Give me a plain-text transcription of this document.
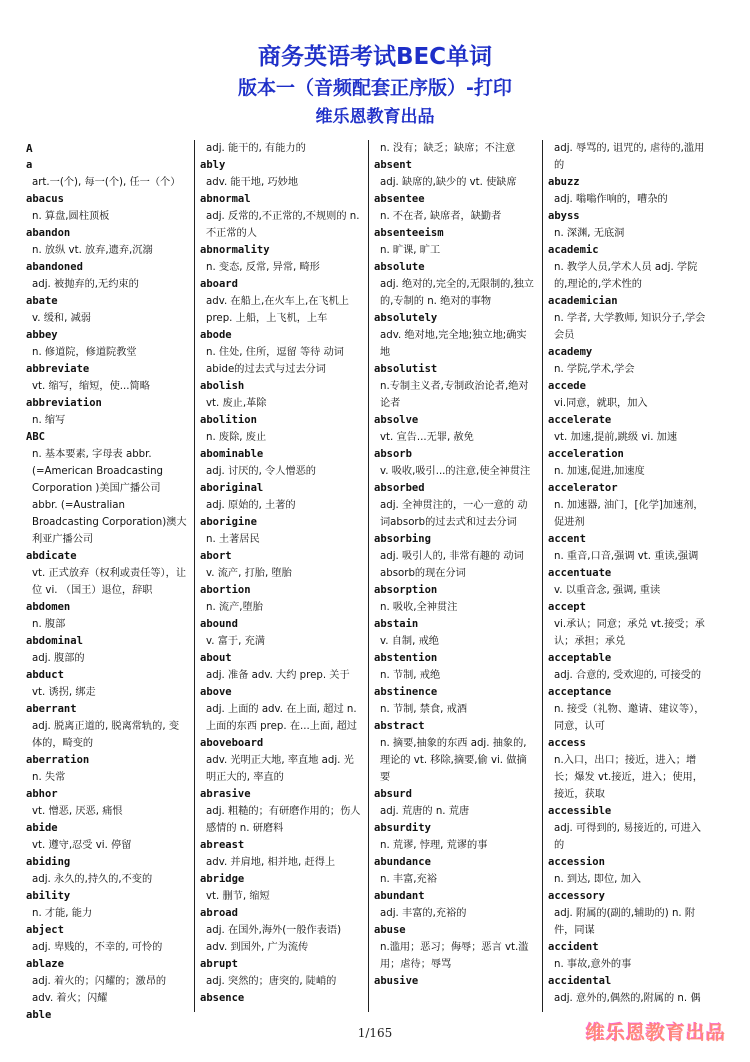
商务英语考试BEC单词
版本一（音频配套正序版）-打印
维乐恩教育出品
A
a
art.一(个), 每一(个), 任一（个）
abacus
n. 算盘,圆柱顶板
abandon
n. 放纵 vt. 放弃,遗弃,沉溺
abandoned
adj. 被抛弃的,无约束的
abate
v. 缓和, 减弱
abbey
n. 修道院，修道院教堂
abbreviate
vt. 缩写，缩短，使...简略
abbreviation
n. 缩写
ABC
n. 基本要素, 字母表 abbr. (=American Broadcasting Corporation )美国广播公司 abbr. (=Australian Broadcasting Corporation)澳大利亚广播公司
abdicate
vt. 正式放弃（权利或责任等），让位 vi. （国王）退位，辞职
abdomen
n. 腹部
abdominal
adj. 腹部的
abduct
vt. 诱拐, 绑走
aberrant
adj. 脱离正道的, 脱离常轨的, 变体的，畸变的
aberration
n. 失常
abhor
vt. 憎恶, 厌恶, 痛恨
abide
vt. 遵守,忍受 vi. 停留
abiding
adj. 永久的,持久的,不变的
ability
n. 才能, 能力
abject
adj. 卑贱的，不幸的, 可怜的
ablaze
adj. 着火的；闪耀的；激昂的 adv. 着火；闪耀
able
adj. 能干的, 有能力的
ably
adv. 能干地, 巧妙地
abnormal
adj. 反常的,不正常的,不规则的 n. 不正常的人
abnormality
n. 变态, 反常, 异常, 畸形
aboard
adv. 在船上,在火车上,在飞机上 prep. 上船，上飞机，上车
abode
n. 住处, 住所，逗留 等待 动词abide的过去式与过去分词
abolish
vt. 废止,革除
abolition
n. 废除, 废止
abominable
adj. 讨厌的, 令人憎恶的
aboriginal
adj. 原始的, 土著的
aborigine
n. 土著居民
abort
v. 流产, 打胎, 堕胎
abortion
n. 流产,堕胎
abound
v. 富于, 充满
about
adj. 准备 adv. 大约 prep. 关于
above
adj. 上面的 adv. 在上面, 超过 n. 上面的东西 prep. 在...上面, 超过
aboveboard
adv. 光明正大地, 率直地 adj. 光明正大的, 率直的
abrasive
adj. 粗糙的；有研磨作用的；伤人感情的 n. 研磨料
abreast
adv. 并肩地, 相并地, 赶得上
abridge
vt. 删节, 缩短
abroad
adj. 在国外,海外(一般作表语) adv. 到国外, 广为流传
abrupt
adj. 突然的；唐突的, 陡峭的
absence
n. 没有；缺乏；缺席；不注意
absent
adj. 缺席的,缺少的 vt. 使缺席
absentee
n. 不在者, 缺席者，缺勤者
absenteeism
n. 旷课, 旷工
absolute
adj. 绝对的,完全的,无限制的,独立的,专制的 n. 绝对的事物
absolutely
adv. 绝对地,完全地;独立地;确实地
absolutist
n.专制主义者,专制政治论者,绝对论者
absolve
vt. 宣告...无罪, 赦免
absorb
v. 吸收,吸引...的注意,使全神贯注
absorbed
adj. 全神贯注的，一心一意的 动词absorb的过去式和过去分词
absorbing
adj. 吸引人的, 非常有趣的 动词absorb的现在分词
absorption
n. 吸收,全神贯注
abstain
v. 自制, 戒绝
abstention
n. 节制, 戒绝
abstinence
n. 节制, 禁食, 戒酒
abstract
n. 摘要,抽象的东西 adj. 抽象的,理论的 vt. 移除,摘要,偷 vi. 做摘要
absurd
adj. 荒唐的 n. 荒唐
absurdity
n. 荒谬, 悖理, 荒谬的事
abundance
n. 丰富,充裕
abundant
adj. 丰富的,充裕的
abuse
n.滥用；恶习；侮辱；恶言 vt.滥用；虐待；辱骂
abusive
adj. 辱骂的, 诅咒的, 虐待的,滥用的
abuzz
adj. 嗡嗡作响的，嘈杂的
abyss
n. 深渊, 无底洞
academic
n. 教学人员,学术人员 adj. 学院的,理论的,学术性的
academician
n. 学者, 大学教师, 知识分子,学会会员
academy
n. 学院,学术,学会
accede
vi.同意，就职，加入
accelerate
vt. 加速,提前,跳级 vi. 加速
acceleration
n. 加速,促进,加速度
accelerator
n. 加速器, 油门，[化学]加速剂，促进剂
accent
n. 重音,口音,强调 vt. 重读,强调
accentuate
v. 以重音念, 强调, 重读
accept
vi.承认；同意；承兑 vt.接受；承认；承担；承兑
acceptable
adj. 合意的, 受欢迎的, 可接受的
acceptance
n. 接受（礼物、邀请、建议等），同意，认可
access
n.入口，出口；接近，进入；增长；爆发 vt.接近，进入；使用，接近，获取
accessible
adj. 可得到的, 易接近的, 可进入的
accession
n. 到达, 即位, 加入
accessory
adj. 附属的(副的,辅助的) n. 附件，同谋
accident
n. 事故,意外的事
accidental
adj. 意外的,偶然的,附属的 n. 偶
1/165	维乐恩教育出品
